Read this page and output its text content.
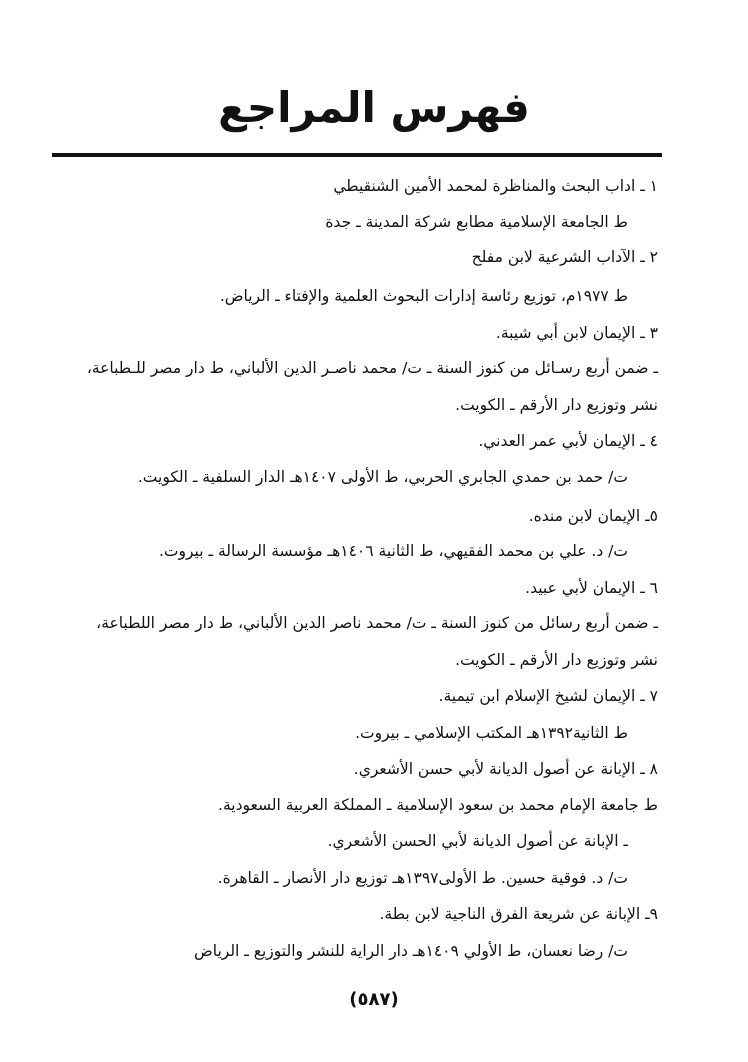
فهرس المراجع
١ ـ اداب البحث والمناظرة لمحمد الأمين الشنقيطي
ط الجامعة الإسلامية مطابع شركة المدينة ـ جدة
٢ ـ الآداب الشرعية لابن مفلح
ط ١٩٧٧م، توزيع رئاسة إدارات البحوث العلمية والإفتاء ـ الرياض.
٣ ـ الإيمان لابن أبي شيبة.
ـ ضمن أربع رسـائل من كنوز السنة ـ ت/ محمد ناصـر الدين الألباني، ط دار مصر للـطباعة،
نشر وتوزيع دار الأرقم ـ الكويت.
٤ ـ الإيمان لأبي عمر العدني.
ت/ حمد بن حمدي الجابري الحربي، ط الأولى ١٤٠٧هـ الدار السلفية ـ الكويت.
٥ـ الإيمان لابن منده.
ت/ د. علي بن محمد الفقيهي، ط الثانية ١٤٠٦هـ مؤسسة الرسالة ـ بيروت.
٦ ـ الإيمان لأبي عبيد.
ـ ضمن أربع رسائل من كنوز السنة ـ ت/ محمد ناصر الدين الألباني، ط دار مصر اللطباعة،
نشر وتوزيع دار الأرقم ـ الكويت.
٧ ـ الإيمان لشيخ الإسلام ابن تيمية.
ط الثانية١٣٩٢هـ المكتب الإسلامي ـ بيروت.
٨ ـ الإبانة عن أصول الديانة لأبي حسن الأشعري.
ط جامعة الإمام محمد بن سعود الإسلامية ـ المملكة العربية السعودية.
ـ الإبانة عن أصول الديانة لأبي الحسن الأشعري.
ت/ د. فوقية حسين. ط الأولى١٣٩٧هـ توزيع دار الأنصار ـ القاهرة.
٩ـ الإبانة عن شريعة الفرق الناجية لابن بطة.
ت/ رضا نعسان، ط الأولي ١٤٠٩هـ دار الراية للنشر والتوزيع ـ الرياض
(٥٨٧)
